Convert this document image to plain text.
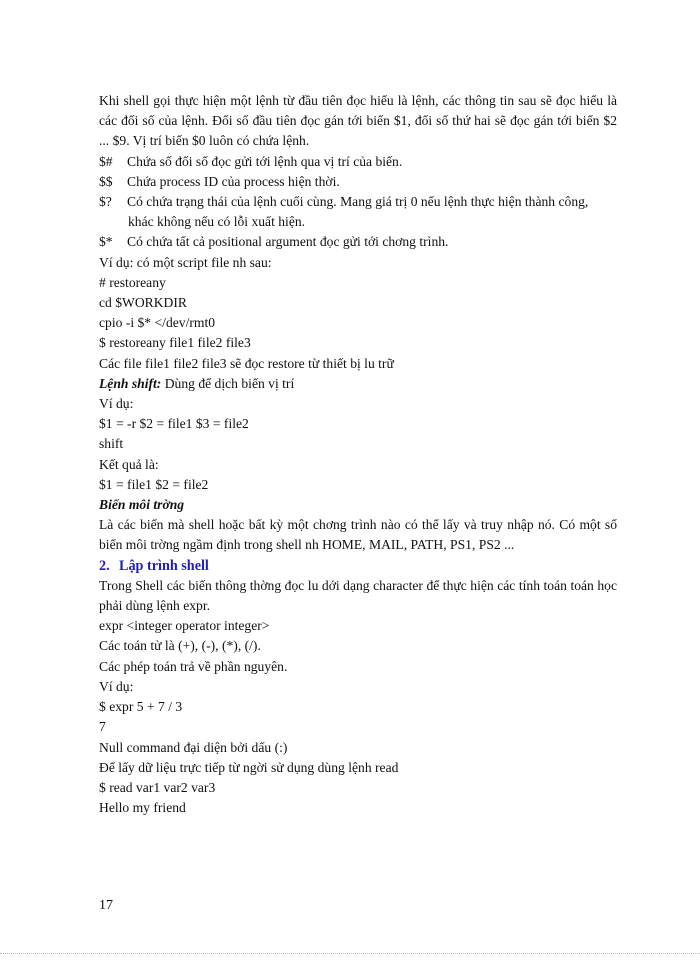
Khi shell gọi thực hiện một lệnh từ đầu tiên đọc hiểu là lệnh, các thông tin sau sẽ đọc hiểu là các đối số của lệnh. Đối số đầu tiên đọc gán tới biến $1, đối số thứ hai sẽ đọc gán tới biến $2 ... $9. Vị trí biến $0 luôn có chứa lệnh.

$# Chứa số đối số đọc gửi tới lệnh qua vị trí của biến.

$$ Chứa process ID của process hiện thời.

$? Có chứa trạng thái của lệnh cuối cùng. Mang giá trị 0 nếu lệnh thực hiện thành công,

khác không nếu có lỗi xuất hiện.

$* Có chứa tất cả positional argument đọc gửi tới chơng trình.

Ví dụ: có một script file nh sau:

# restoreany

cd $WORKDIR

cpio -i $* </dev/rmt0

$ restoreany file1 file2 file3

Các file file1 file2 file3 sẽ đọc restore từ thiết bị lu trữ

Lệnh shift: Dùng để dịch biến vị trí

Ví dụ:

$1 = -r $2 = file1 $3 = file2

shift

Kết quả là:

$1 = file1 $2 = file2

Biến môi trờng

Là các biến mà shell hoặc bất kỳ một chơng trình nào có thể lấy và truy nhập nó. Có một số biến môi trờng ngầm định trong shell nh HOME, MAIL, PATH, PS1, PS2 ...

2. Lập trình shell

Trong Shell các biến thông thờng đọc lu dới dạng character để thực hiện các tính toán toán học phải dùng lệnh expr.

expr <integer operator integer>

Các toán tử là (+), (-), (*), (/).

Các phép toán trả về phần nguyên.

Ví dụ:

$ expr 5 + 7 / 3

7

Null command đại diện bởi dấu (:)

Để lấy dữ liệu trực tiếp từ ngời sử dụng dùng lệnh read

$ read var1 var2 var3

Hello my friend

17
